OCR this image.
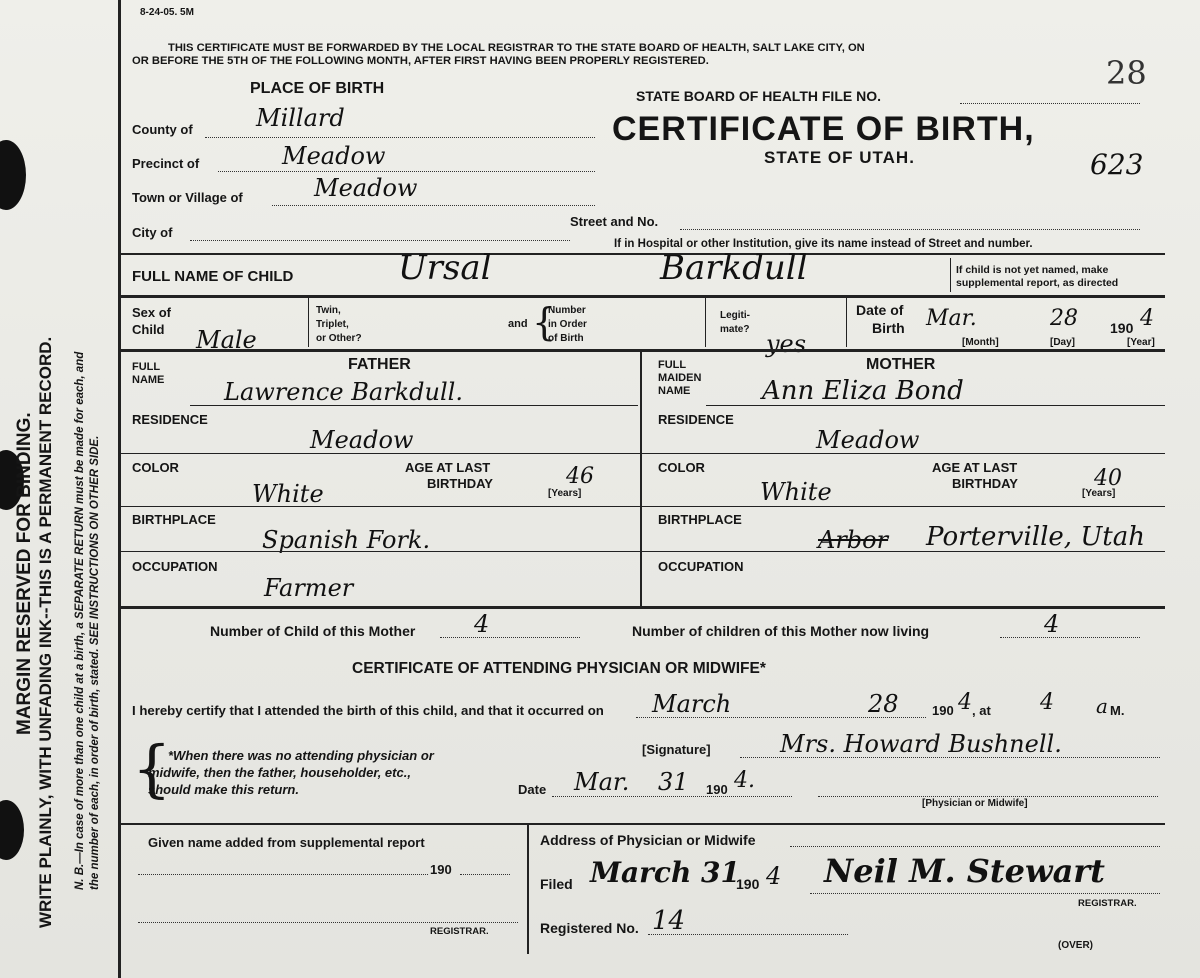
MARGIN RESERVED FOR BINDING. WRITE PLAINLY, WITH UNFADING INK--THIS IS A PERMANENT RECORD. N. B.—In case of more than one child at a birth, a SEPARATE RETURN must be made for each, and the number of each, in order of birth, stated. SEE INSTRUCTIONS ON OTHER SIDE.
8-24-05. 5M
THIS CERTIFICATE MUST BE FORWARDED BY THE LOCAL REGISTRAR TO THE STATE BOARD OF HEALTH, SALT LAKE CITY, ON
OR BEFORE THE 5TH OF THE FOLLOWING MONTH, AFTER FIRST HAVING BEEN PROPERLY REGISTERED.	28
PLACE OF BIRTH	STATE BOARD OF HEALTH FILE NO.
CERTIFICATE OF BIRTH,
STATE OF UTAH.	623
County of	Millard
Precinct of	Meadow
Town or Village of	Meadow
City of
Street and No.
If in Hospital or other Institution, give its name instead of Street and number.
FULL NAME OF CHILD	Ursal	Barkdull	If child is not yet named, make
supplemental report, as directed
Sex of
Child Male
Twin,
Triplet,
or Other?
and {
Number
in Order
of Birth
Legiti-
mate?
yes
Date of
Birth Mar.	28 190 4
[Month]	[Day]	[Year]
FULL
NAME
FATHER
Lawrence Barkdull.
FULL
MAIDEN
NAME
MOTHER
Ann Eliza Bond
RESIDENCE
Meadow
RESIDENCE
Meadow
COLOR
White
AGE AT LAST
BIRTHDAY	46
[Years]
COLOR
White
AGE AT LAST
BIRTHDAY	40
[Years]
BIRTHPLACE
Spanish Fork.
BIRTHPLACE
Arbor Porterville, Utah
OCCUPATION
Farmer
OCCUPATION
Number of Child of this Mother 4	Number of children of this Mother now living	4
CERTIFICATE OF ATTENDING PHYSICIAN OR MIDWIFE*
I hereby certify that I attended the birth of this child, and that it occurred on March	28	190 4 , at 4 a M.
{
*When there was no attending physician or
midwife, then the father, householder, etc.,
should make this return.
[Signature]	Mrs. Howard Bushnell.
Date Mar. 31 190 4.
[Physician or Midwife]
Given name added from supplemental report
190
REGISTRAR.
Address of Physician or Midwife
Filed March 31
190 4 Neil M. Stewart
REGISTRAR.
Registered No. 14
(OVER)
